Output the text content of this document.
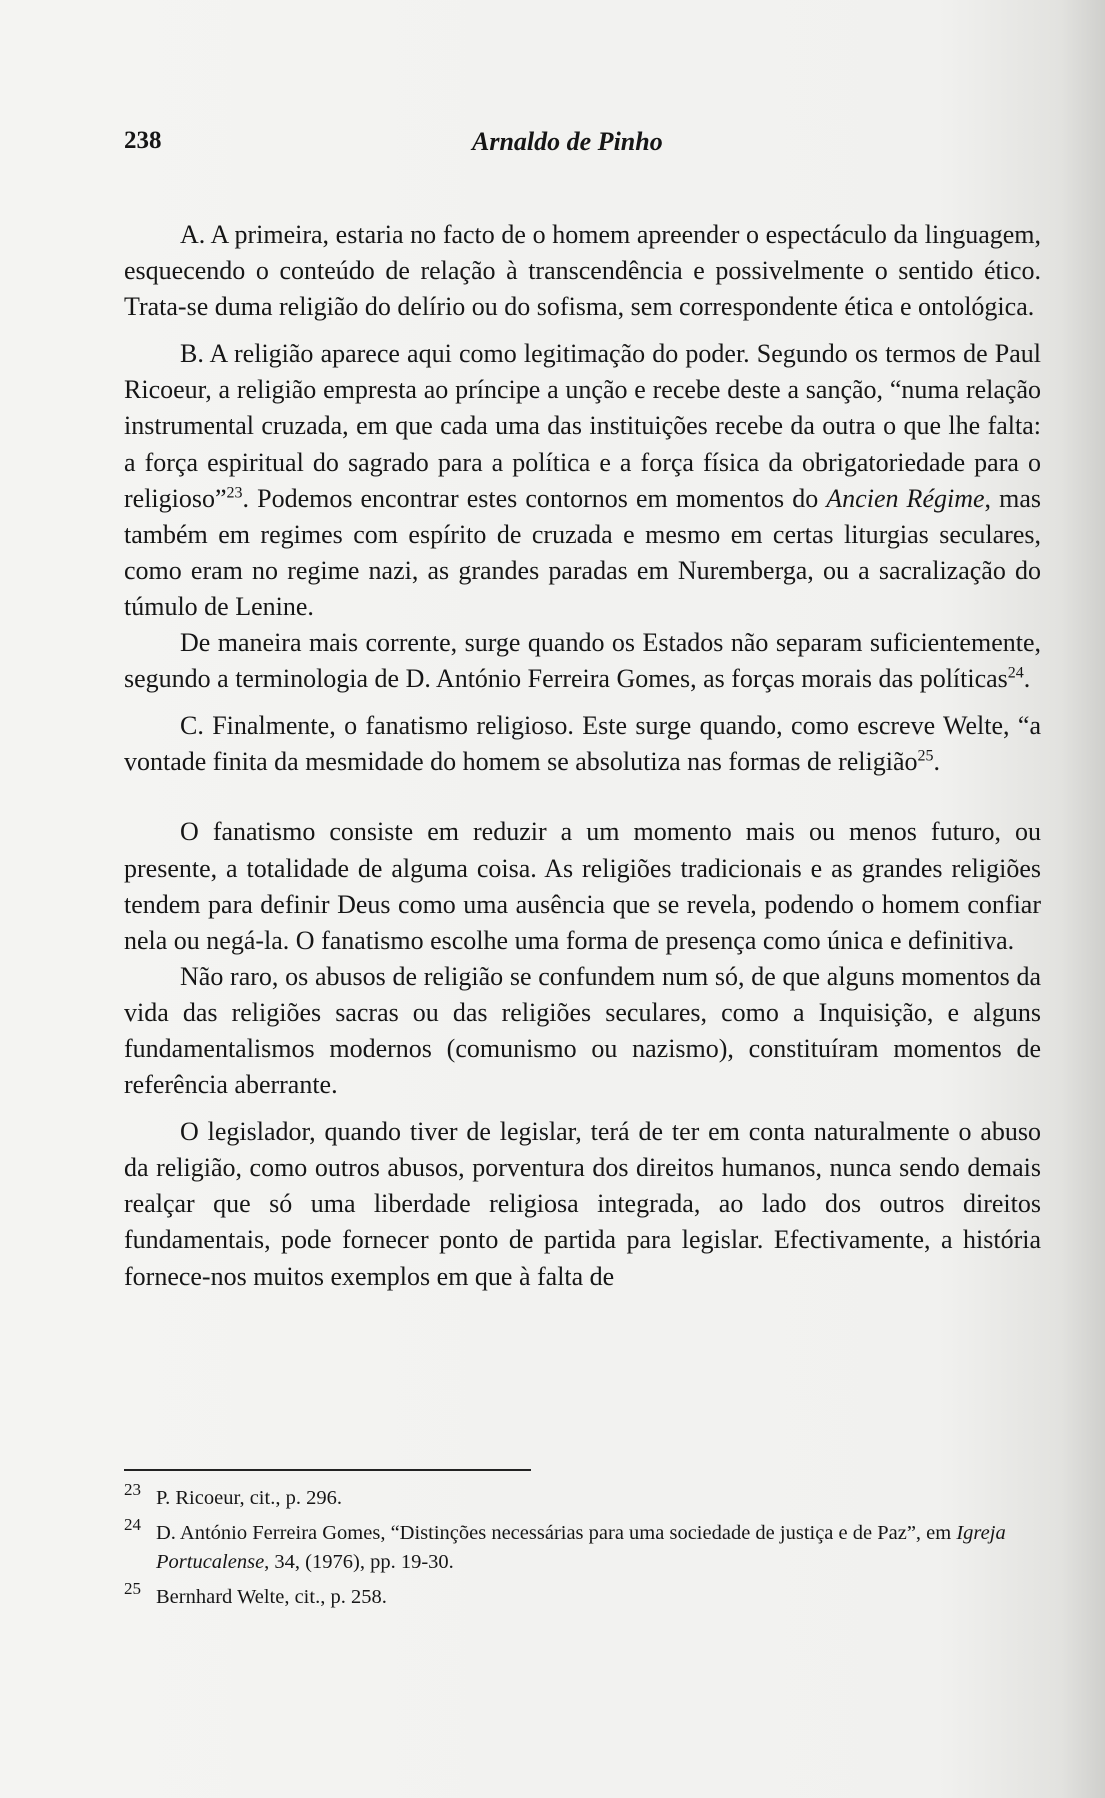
238	Arnaldo de Pinho

A. A primeira, estaria no facto de o homem apreender o espectáculo da linguagem, esquecendo o conteúdo de relação à transcendência e possivelmente o sentido ético. Trata-se duma religião do delírio ou do sofisma, sem correspondente ética e ontológica.

B. A religião aparece aqui como legitimação do poder. Segundo os termos de Paul Ricoeur, a religião empresta ao príncipe a unção e recebe deste a sanção, “numa relação instrumental cruzada, em que cada uma das instituições recebe da outra o que lhe falta: a força espiritual do sagrado para a política e a força física da obrigatoriedade para o religioso”$^{23}$. Podemos encontrar estes contornos em momentos do Ancien Régime, mas também em regimes com espírito de cruzada e mesmo em certas liturgias seculares, como eram no regime nazi, as grandes paradas em Nuremberga, ou a sacralização do túmulo de Lenine.

De maneira mais corrente, surge quando os Estados não separam suficientemente, segundo a terminologia de D. António Ferreira Gomes, as forças morais das políticas$^{24}$.

C. Finalmente, o fanatismo religioso. Este surge quando, como escreve Welte, “a vontade finita da mesmidade do homem se absolutiza nas formas de religião$^{25}$.

O fanatismo consiste em reduzir a um momento mais ou menos futuro, ou presente, a totalidade de alguma coisa. As religiões tradicionais e as grandes religiões tendem para definir Deus como uma ausência que se revela, podendo o homem confiar nela ou negá-la. O fanatismo escolhe uma forma de presença como única e definitiva.

Não raro, os abusos de religião se confundem num só, de que alguns momentos da vida das religiões sacras ou das religiões seculares, como a Inquisição, e alguns fundamentalismos modernos (comunismo ou nazismo), constituíram momentos de referência aberrante.

O legislador, quando tiver de legislar, terá de ter em conta naturalmente o abuso da religião, como outros abusos, porventura dos direitos humanos, nunca sendo demais realçar que só uma liberdade religiosa integrada, ao lado dos outros direitos fundamentais, pode fornecer ponto de partida para legislar. Efectivamente, a história fornece-nos muitos exemplos em que à falta de

23 P. Ricoeur, cit., p. 296.

24 D. António Ferreira Gomes, “Distinções necessárias para uma sociedade de justiça e de Paz”, em Igreja Portucalense, 34, (1976), pp. 19-30.

25 Bernhard Welte, cit., p. 258.
